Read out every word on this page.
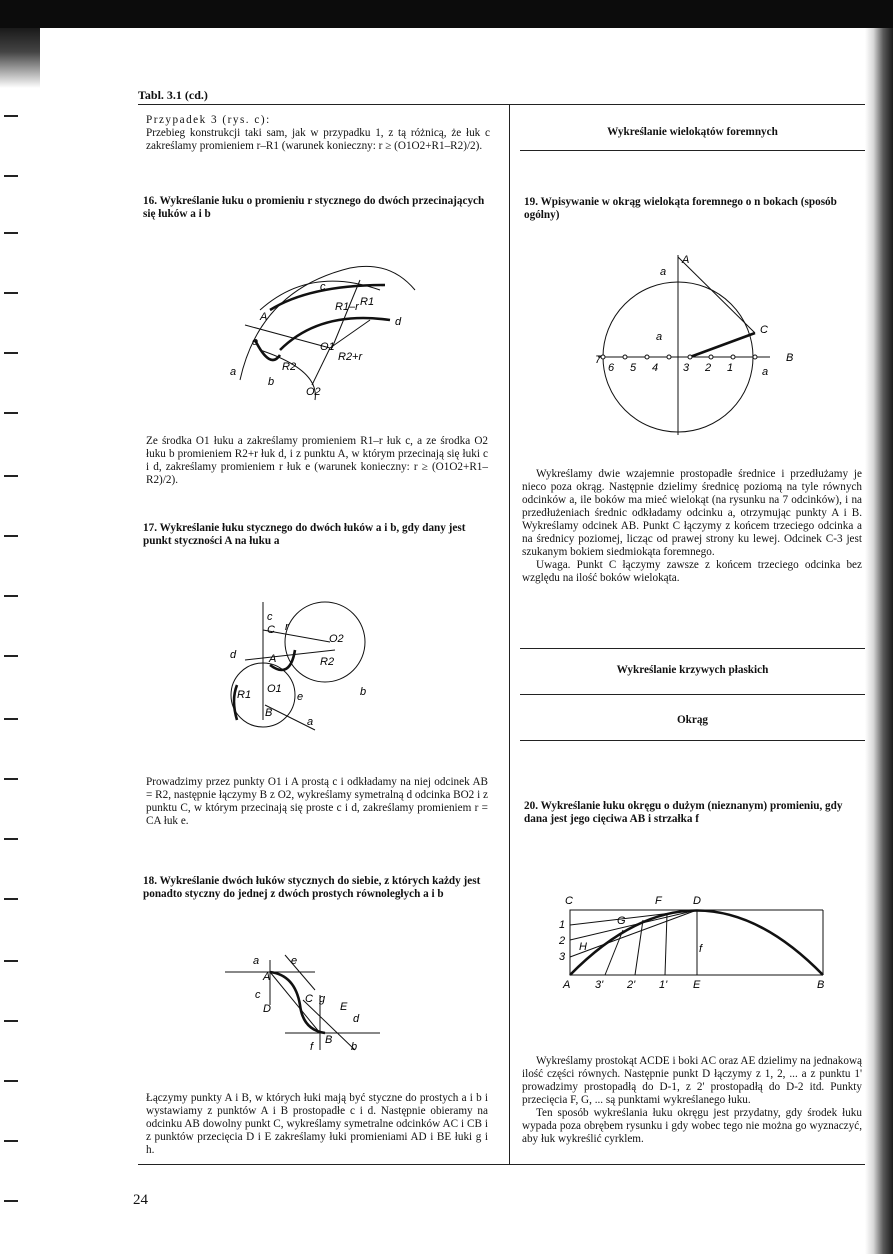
Tabl. 3.1 (cd.)
Przypadek 3 (rys. c):
Przebieg konstrukcji taki sam, jak w przypadku 1, z tą różnicą, że łuk c zakreślamy promieniem r–R1 (warunek konieczny: r ≥ (O1O2+R1–R2)/2).
16. Wykreślanie łuku o promieniu r stycznego do dwóch przecinających się łuków a i b
c
d
e
A
O1
O2
R1
R2
R1–r
R2+r
a
b
Ze środka O1 łuku a zakreślamy promieniem R1–r łuk c, a ze środka O2 łuku b promieniem R2+r łuk d, i z punktu A, w którym przecinają się łuki c i d, zakreślamy promieniem r łuk e (warunek konieczny: r ≥ (O1O2+R1–R2)/2).
17. Wykreślanie łuku stycznego do dwóch łuków a i b, gdy dany jest punkt styczności A na łuku a
c
C r
O2
A	R2
R1 O1
e
B
b
a
d
Prowadzimy przez punkty O1 i A prostą c i odkładamy na niej odcinek AB = R2, następnie łączymy B z O2, wykreślamy symetralną d odcinka BO2 i z punktu C, w którym przecinają się proste c i d, zakreślamy promieniem r = CA łuk e.
18. Wykreślanie dwóch łuków stycznych do siebie, z których każdy jest ponadto styczny do jednej z dwóch prostych równoległych a i b
a
A
e
c
D
C g
E
d
f
B
b
Łączymy punkty A i B, w których łuki mają być styczne do prostych a i b i wystawiamy z punktów A i B prostopadłe c i d. Następnie obieramy na odcinku AB dowolny punkt C, wykreślamy symetralne odcinków AC i CB i z punktów przecięcia D i E zakreślamy łuki promieniami AD i BE łuki g i h.
24
Wykreślanie wielokątów foremnych
19. Wpisywanie w okrąg wielokąta foremnego o n bokach (sposób ogólny)
a
A
C
a
7
6 5 4 3 2 1
B
a
Wykreślamy dwie wzajemnie prostopadłe średnice i przedłużamy je nieco poza okrąg. Następnie dzielimy średnicę poziomą na tyle równych odcinków a, ile boków ma mieć wielokąt (na rysunku na 7 odcinków), i na przedłużeniach średnic odkładamy odcinku a, otrzymując punkty A i B. Wykreślamy odcinek AB. Punkt C łączymy z końcem trzeciego odcinka a na średnicy poziomej, licząc od prawej strony ku lewej. Odcinek C-3 jest szukanym bokiem siedmiokąta foremnego.
Uwaga. Punkt C łączymy zawsze z końcem trzeciego odcinka bez względu na ilość boków wielokąta.
Wykreślanie krzywych płaskich
Okrąg
20. Wykreślanie łuku okręgu o dużym (nieznanym) promieniu, gdy dana jest jego cięciwa AB i strzałka f
C	F	D
1	G
2 H
3
f
A 3' 2' 1' E	B
Wykreślamy prostokąt ACDE i boki AC oraz AE dzielimy na jednakową ilość części równych. Następnie punkt D łączymy z 1, 2, ... a z punktu 1' prowadzimy prostopadłą do D-1, z 2' prostopadłą do D-2 itd. Punkty przecięcia F, G, ... są punktami wykreślanego łuku.
Ten sposób wykreślania łuku okręgu jest przydatny, gdy środek łuku wypada poza obrębem rysunku i gdy wobec tego nie można go wyznaczyć, aby łuk wykreślić cyrklem.
